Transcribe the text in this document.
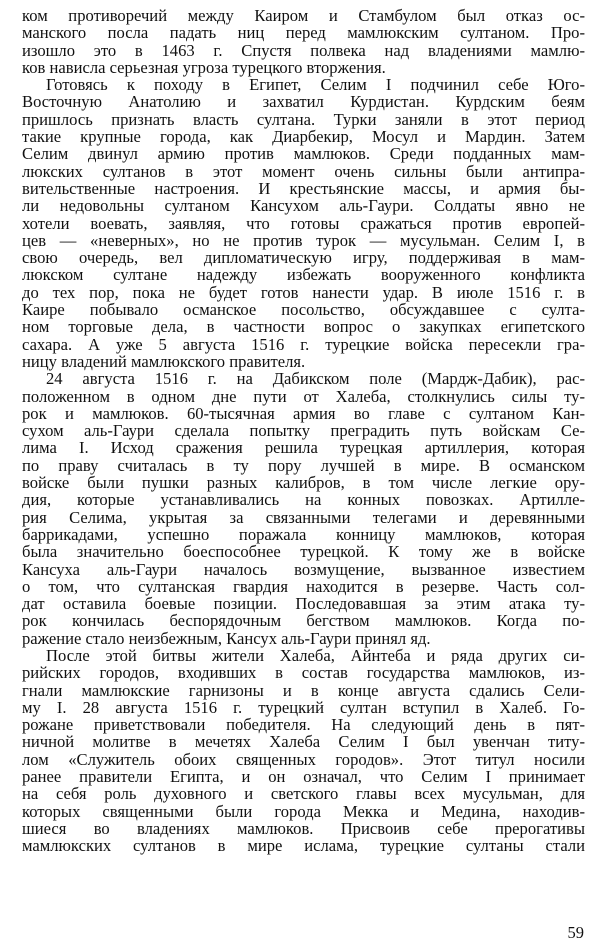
ком противоречий между Каиром и Стамбулом был отказ ос-
манского посла падать ниц перед мамлюкским султаном. Про-
изошло это в 1463 г. Спустя полвека над владениями мамлю-
ков нависла серьезная угроза турецкого вторжения.
Готовясь к походу в Египет, Селим I подчинил себе Юго-
Восточную Анатолию и захватил Курдистан. Курдским беям
пришлось признать власть султана. Турки заняли в этот период
такие крупные города, как Диарбекир, Мосул и Мардин. Затем
Селим двинул армию против мамлюков. Среди подданных мам-
люкских султанов в этот момент очень сильны были антипра-
вительственные настроения. И крестьянские массы, и армия бы-
ли недовольны султаном Кансухом аль-Гаури. Солдаты явно не
хотели воевать, заявляя, что готовы сражаться против европей-
цев — «неверных», но не против турок — мусульман. Селим I, в
свою очередь, вел дипломатическую игру, поддерживая в мам-
люкском султане надежду избежать вооруженного конфликта
до тех пор, пока не будет готов нанести удар. В июле 1516 г. в
Каире побывало османское посольство, обсуждавшее с султа-
ном торговые дела, в частности вопрос о закупках египетского
сахара. А уже 5 августа 1516 г. турецкие войска пересекли гра-
ницу владений мамлюкского правителя.
24 августа 1516 г. на Дабикском поле (Мардж-Дабик), рас-
положенном в одном дне пути от Халеба, столкнулись силы ту-
рок и мамлюков. 60-тысячная армия во главе с султаном Кан-
сухом аль-Гаури сделала попытку преградить путь войскам Се-
лима I. Исход сражения решила турецкая артиллерия, которая
по праву считалась в ту пору лучшей в мире. В османском
войске были пушки разных калибров, в том числе легкие ору-
дия, которые устанавливались на конных повозках. Артилле-
рия Селима, укрытая за связанными телегами и деревянными
баррикадами, успешно поражала конницу мамлюков, которая
была значительно боеспособнее турецкой. К тому же в войске
Кансуха аль-Гаури началось возмущение, вызванное известием
о том, что султанская гвардия находится в резерве. Часть сол-
дат оставила боевые позиции. Последовавшая за этим атака ту-
рок кончилась беспорядочным бегством мамлюков. Когда по-
ражение стало неизбежным, Кансух аль-Гаури принял яд.
После этой битвы жители Халеба, Айнтеба и ряда других си-
рийских городов, входивших в состав государства мамлюков, из-
гнали мамлюкские гарнизоны и в конце августа сдались Сели-
му I. 28 августа 1516 г. турецкий султан вступил в Халеб. Го-
рожане приветствовали победителя. На следующий день в пят-
ничной молитве в мечетях Халеба Селим I был увенчан титу-
лом «Служитель обоих священных городов». Этот титул носили
ранее правители Египта, и он означал, что Селим I принимает
на себя роль духовного и светского главы всех мусульман, для
которых священными были города Мекка и Медина, находив-
шиеся во владениях мамлюков. Присвоив себе прерогативы
мамлюкских султанов в мире ислама, турецкие султаны стали
59
